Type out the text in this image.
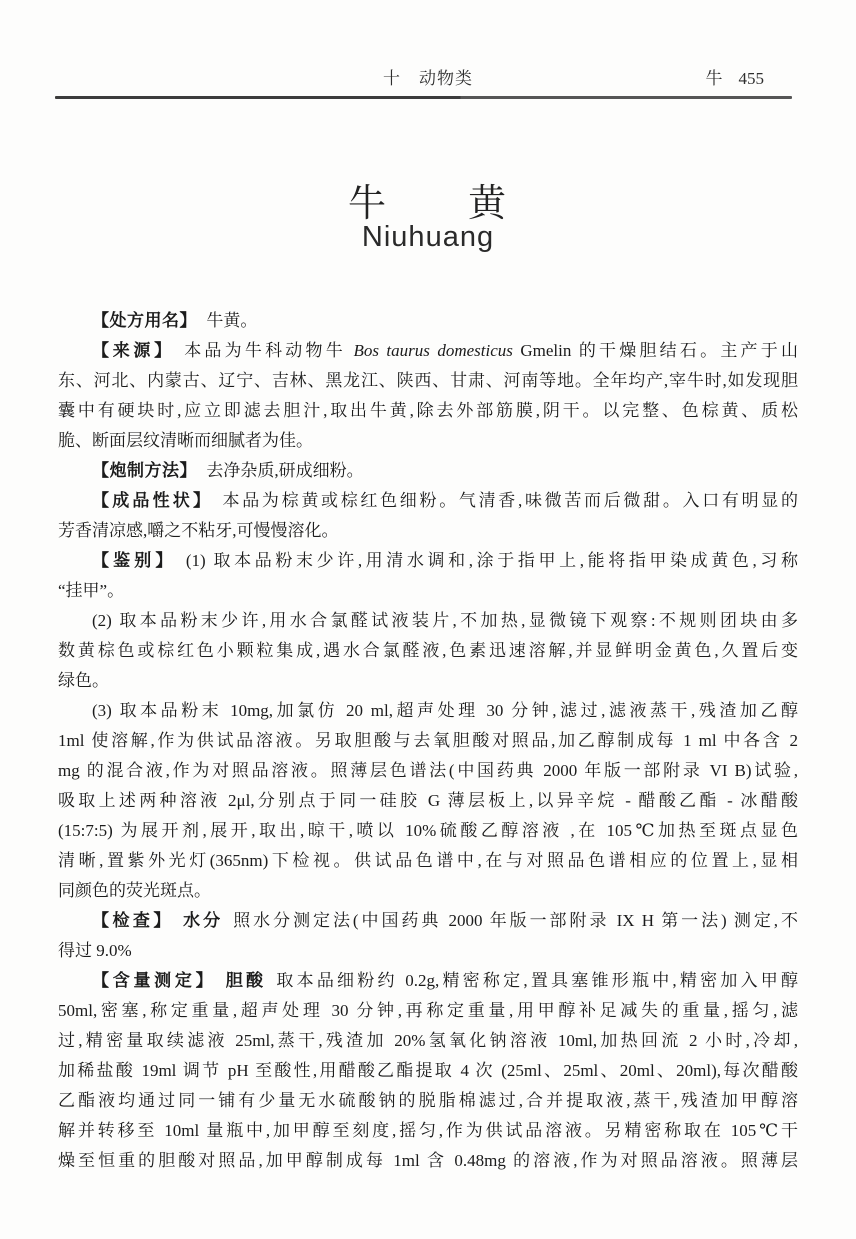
十　动物类	牛 455
牛　　黄
Niuhuang
【处方用名】 牛黄。
【来源】 本品为牛科动物牛 Bos taurus domesticus Gmelin 的干燥胆结石。主产于山
东、河北、内蒙古、辽宁、吉林、黑龙江、陕西、甘肃、河南等地。全年均产,宰牛时,如发现胆
囊中有硬块时,应立即滤去胆汁,取出牛黄,除去外部筋膜,阴干。以完整、色棕黄、质松
脆、断面层纹清晰而细腻者为佳。
【炮制方法】 去净杂质,研成细粉。
【成品性状】 本品为棕黄或棕红色细粉。气清香,味微苦而后微甜。入口有明显的
芳香清凉感,嚼之不粘牙,可慢慢溶化。
【鉴别】 (1) 取本品粉末少许,用清水调和,涂于指甲上,能将指甲染成黄色,习称
“挂甲”。
(2) 取本品粉末少许,用水合氯醛试液装片,不加热,显微镜下观察:不规则团块由多
数黄棕色或棕红色小颗粒集成,遇水合氯醛液,色素迅速溶解,并显鲜明金黄色,久置后变
绿色。
(3) 取本品粉末 10mg,加氯仿 20 ml,超声处理 30 分钟,滤过,滤液蒸干,残渣加乙醇
1ml 使溶解,作为供试品溶液。另取胆酸与去氧胆酸对照品,加乙醇制成每 1 ml 中各含 2
mg 的混合液,作为对照品溶液。照薄层色谱法(中国药典 2000 年版一部附录 VI B)试验,
吸取上述两种溶液 2μl,分别点于同一硅胶 G 薄层板上,以异辛烷 - 醋酸乙酯 - 冰醋酸
(15:7:5) 为展开剂,展开,取出,晾干,喷以 10%硫酸乙醇溶液 ,在 105℃加热至斑点显色
清晰,置紫外光灯(365nm)下检视。供试品色谱中,在与对照品色谱相应的位置上,显相
同颜色的荧光斑点。
【检查】 水分 照水分测定法(中国药典 2000 年版一部附录 IX H 第一法) 测定,不
得过 9.0%
【含量测定】 胆酸 取本品细粉约 0.2g,精密称定,置具塞锥形瓶中,精密加入甲醇
50ml,密塞,称定重量,超声处理 30 分钟,再称定重量,用甲醇补足减失的重量,摇匀,滤
过,精密量取续滤液 25ml,蒸干,残渣加 20%氢氧化钠溶液 10ml,加热回流 2 小时,冷却,
加稀盐酸 19ml 调节 pH 至酸性,用醋酸乙酯提取 4 次 (25ml、25ml、20ml、20ml),每次醋酸
乙酯液均通过同一铺有少量无水硫酸钠的脱脂棉滤过,合并提取液,蒸干,残渣加甲醇溶
解并转移至 10ml 量瓶中,加甲醇至刻度,摇匀,作为供试品溶液。另精密称取在 105℃干
燥至恒重的胆酸对照品,加甲醇制成每 1ml 含 0.48mg 的溶液,作为对照品溶液。照薄层
